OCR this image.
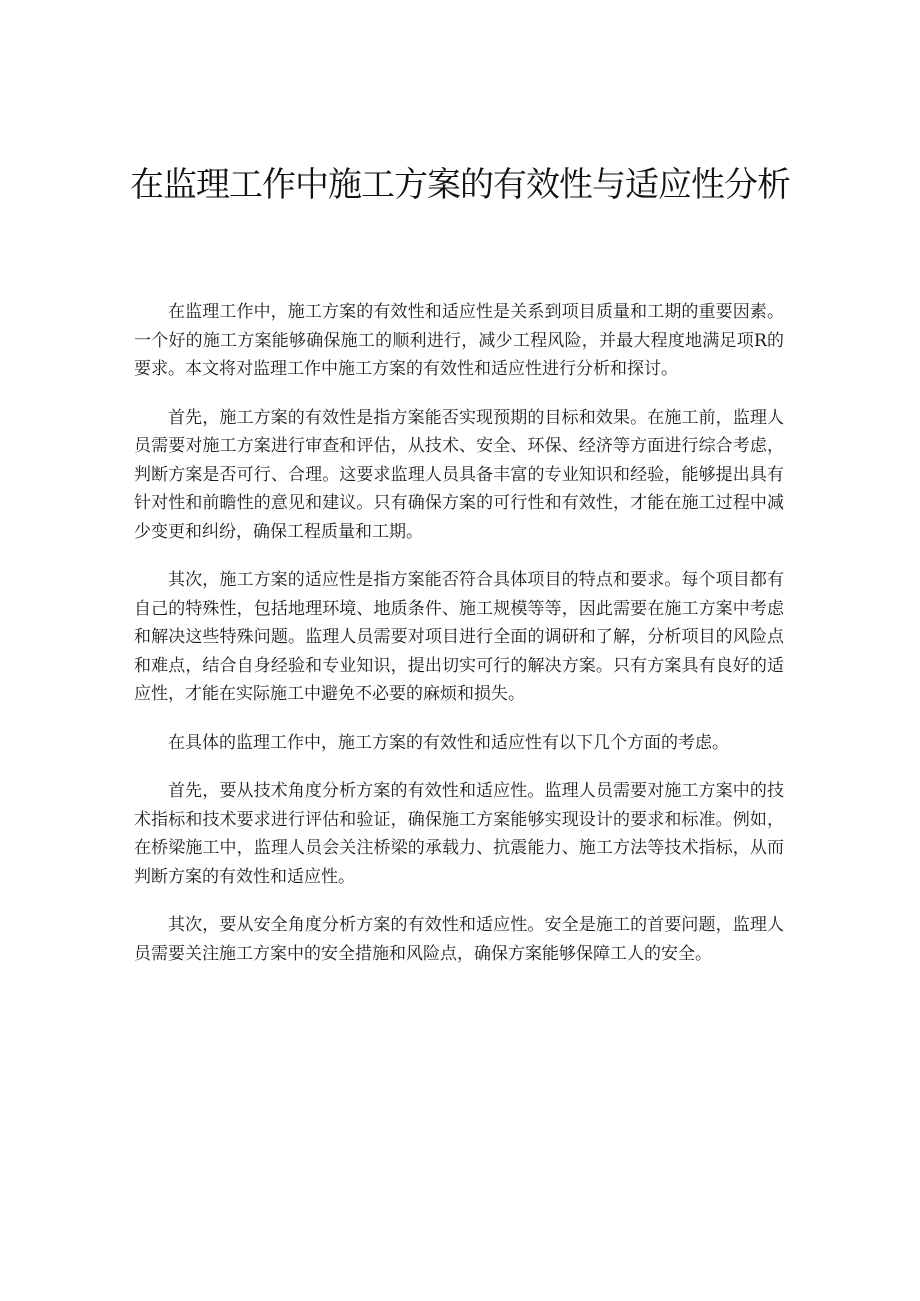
在监理工作中施工方案的有效性与适应性分析

在监理工作中，施工方案的有效性和适应性是关系到项目质量和工期的重要因素。一个好的施工方案能够确保施工的顺利进行，减少工程风险，并最大程度地满足项R的要求。本文将对监理工作中施工方案的有效性和适应性进行分析和探讨。

首先，施工方案的有效性是指方案能否实现预期的目标和效果。在施工前，监理人员需要对施工方案进行审查和评估，从技术、安全、环保、经济等方面进行综合考虑，判断方案是否可行、合理。这要求监理人员具备丰富的专业知识和经验，能够提出具有针对性和前瞻性的意见和建议。只有确保方案的可行性和有效性，才能在施工过程中减少变更和纠纷，确保工程质量和工期。

其次，施工方案的适应性是指方案能否符合具体项目的特点和要求。每个项目都有自己的特殊性，包括地理环境、地质条件、施工规模等等，因此需要在施工方案中考虑和解决这些特殊问题。监理人员需要对项目进行全面的调研和了解，分析项目的风险点和难点，结合自身经验和专业知识，提出切实可行的解决方案。只有方案具有良好的适应性，才能在实际施工中避免不必要的麻烦和损失。

在具体的监理工作中，施工方案的有效性和适应性有以下几个方面的考虑。

首先，要从技术角度分析方案的有效性和适应性。监理人员需要对施工方案中的技术指标和技术要求进行评估和验证，确保施工方案能够实现设计的要求和标准。例如，在桥梁施工中，监理人员会关注桥梁的承载力、抗震能力、施工方法等技术指标，从而判断方案的有效性和适应性。

其次，要从安全角度分析方案的有效性和适应性。安全是施工的首要问题，监理人员需要关注施工方案中的安全措施和风险点，确保方案能够保障工人的安全。
